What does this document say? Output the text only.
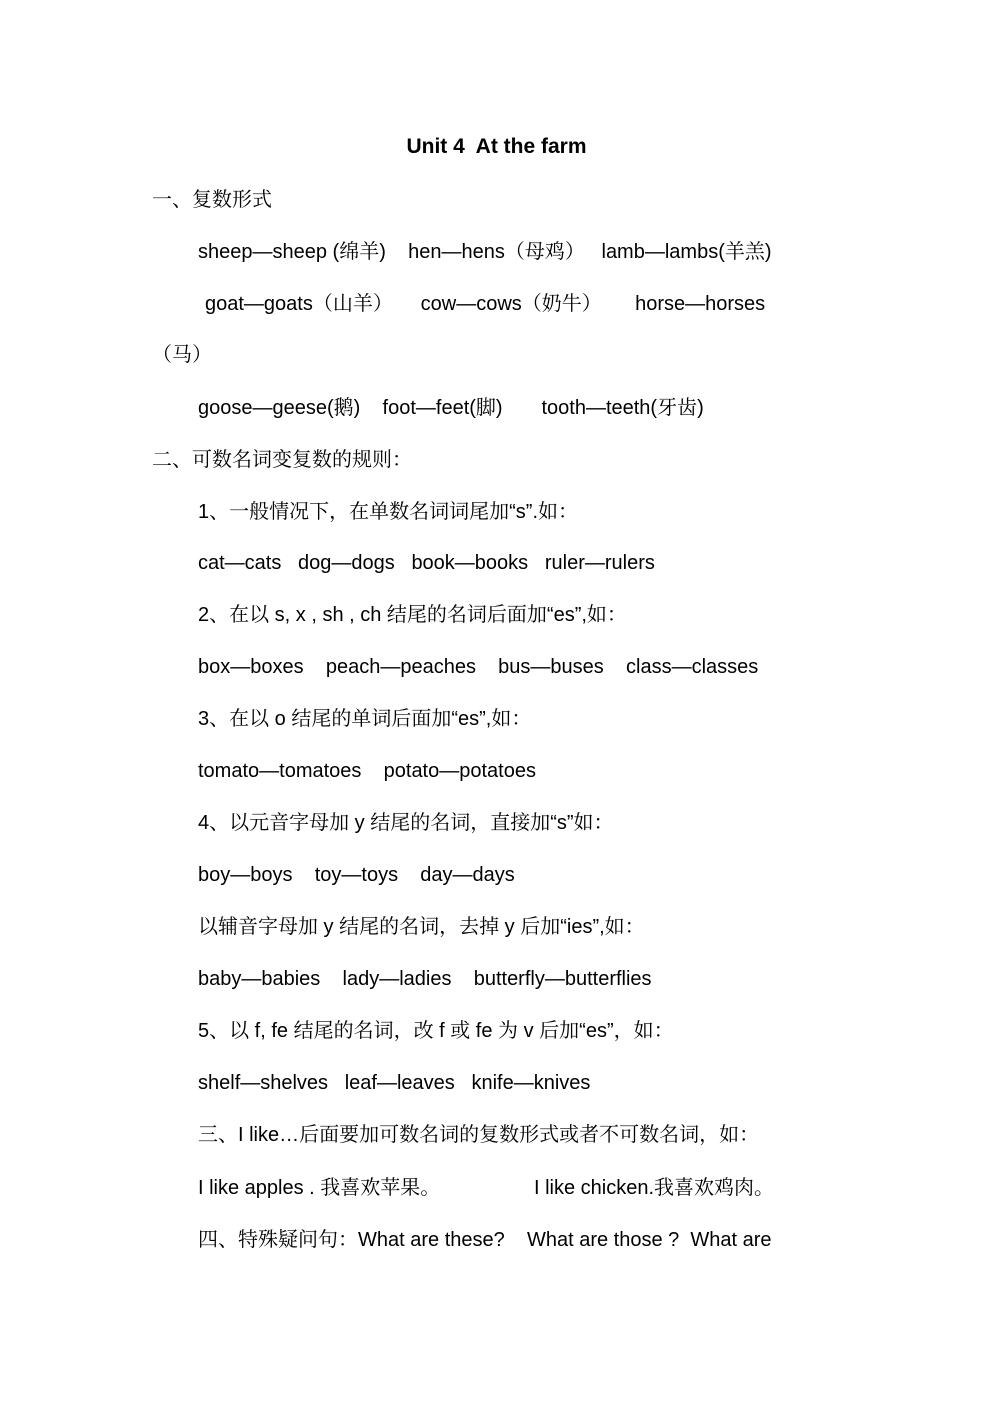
Unit 4  At the farm
一、复数形式
sheep—sheep (绵羊)    hen—hens（母鸡）   lamb—lambs(羊羔)
goat—goats（山羊）     cow—cows（奶牛）      horse—horses
（马）
goose—geese(鹅)    foot—feet(脚)       tooth—teeth(牙齿)
二、可数名词变复数的规则：
1、一般情况下，在单数名词词尾加“s”.如：
cat—cats   dog—dogs   book—books   ruler—rulers
2、在以 s, x , sh , ch 结尾的名词后面加“es”,如：
box—boxes    peach—peaches    bus—buses    class—classes
3、在以 o 结尾的单词后面加“es”,如：
tomato—tomatoes    potato—potatoes
4、以元音字母加 y 结尾的名词，直接加“s”如：
boy—boys    toy—toys    day—days
以辅音字母加 y 结尾的名词，去掉 y 后加“ies”,如：
baby—babies    lady—ladies    butterfly—butterflies
5、以 f, fe 结尾的名词，改 f 或 fe 为 v 后加“es”，如：
shelf—shelves   leaf—leaves   knife—knives
三、I like…后面要加可数名词的复数形式或者不可数名词，如：
I like apples . 我喜欢苹果。	I like chicken.我喜欢鸡肉。
四、特殊疑问句：What are these?    What are those ?  What are
